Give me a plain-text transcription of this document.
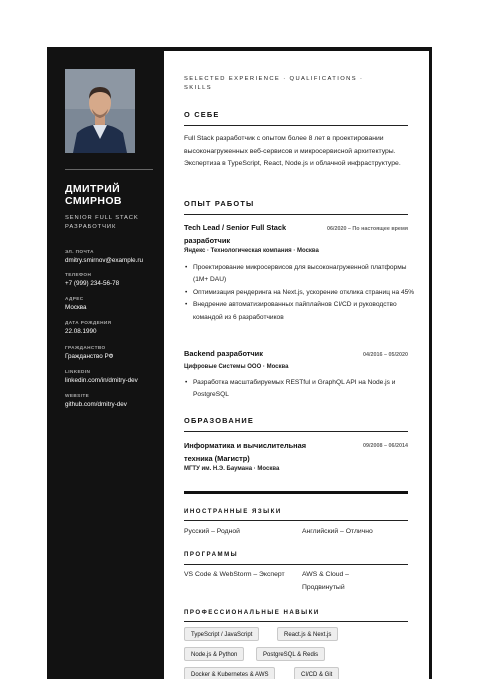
ДМИТРИЙ СМИРНОВ
SENIOR FULL STACK РАЗРАБОТЧИК
ЭЛ. ПОЧТА
dmitry.smirnov@example.ru
ТЕЛЕФОН
+7 (999) 234-56-78
АДРЕС
Москва
ДАТА РОЖДЕНИЯ
22.08.1990
ГРАЖДАНСТВО
Гражданство РФ
LINKEDIN
linkedin.com/in/dmitry-dev
WEBSITE
github.com/dmitry-dev
SELECTED EXPERIENCE · QUALIFICATIONS · SKILLS
О СЕБЕ
Full Stack разработчик с опытом более 8 лет в проектировании высоконагруженных веб-сервисов и микросервисной архитектуры. Экспертиза в TypeScript, React, Node.js и облачной инфраструктуре.
ОПЫТ РАБОТЫ
Tech Lead / Senior Full Stack разработчик
06/2020 – По настоящее время
Яндекс · Технологическая компания · Москва
• Проектирование микросервисов для высоконагруженной платформы (1M+ DAU)
• Оптимизация рендеринга на Next.js, ускорение отклика страниц на 45%
• Внедрение автоматизированных пайплайнов CI/CD и руководство командой из 6 разработчиков
Backend разработчик	04/2016 – 05/2020
Цифровые Системы ООО · Москва
• Разработка масштабируемых RESTful и GraphQL API на Node.js и PostgreSQL
ОБРАЗОВАНИЕ
Информатика и вычислительная техника (Магистр)
09/2008 – 06/2014
МГТУ им. Н.Э. Баумана · Москва
ИНОСТРАННЫЕ ЯЗЫКИ
Русский – Родной	Английский – Отлично
ПРОГРАММЫ
VS Code & WebStorm – Эксперт	AWS & Cloud – Продвинутый
ПРОФЕССИОНАЛЬНЫЕ НАВЫКИ
TypeScript / JavaScript	React.js & Next.js
Node.js & Python	PostgreSQL & Redis
Docker & Kubernetes & AWS	CI/CD & Git
